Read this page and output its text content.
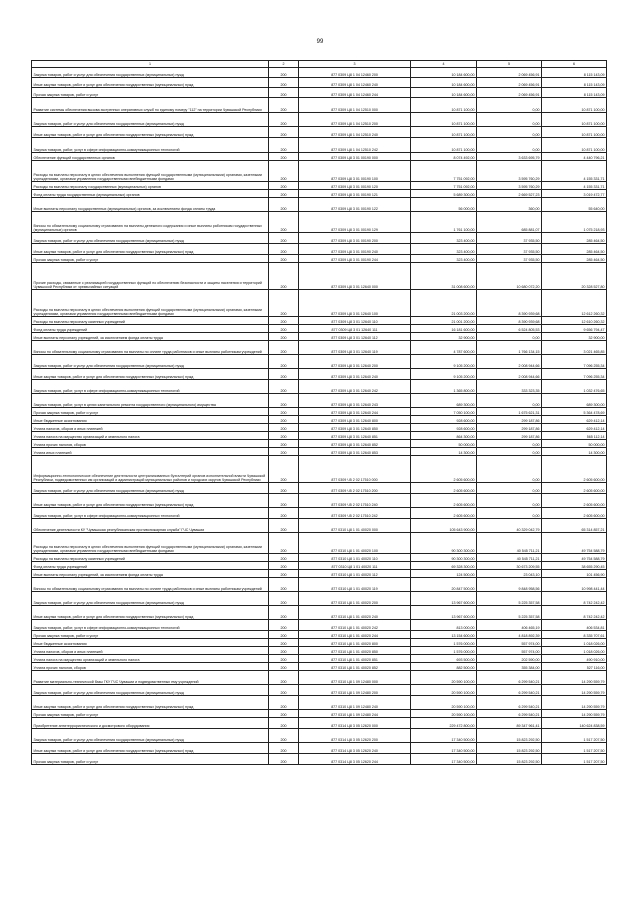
99
1	2	3	4	5	6
Закупка товаров, работ и услуг для обеспечения государственных (муниципальных) нужд	200	877 0309 Ц8 1 04 12460 200	10 184 600,00	2 069 456,91	8 115 143,09
Иные закупки товаров, работ и услуг для обеспечения государственных (муниципальных) нужд	200	877 0309 Ц8 1 04 12460 240	10 184 600,00	2 069 456,91	8 115 143,09
Прочая закупка товаров, работ и услуг	200	877 0309 Ц8 1 04 12460 244	10 184 600,00	2 069 456,91	8 115 143,09
Развитие системы обеспечения вызова экстренных оперативных служб по единому номеру "112" на территории Чувашской Республики	200	877 0309 Ц8 1 04 12510 000	10 871 100,00	0,00	10 871 100,00
Закупка товаров, работ и услуг для обеспечения государственных (муниципальных) нужд	200	877 0309 Ц8 1 04 12510 200	10 871 100,00	0,00	10 871 100,00
Иные закупки товаров, работ и услуг для обеспечения государственных (муниципальных) нужд	200	877 0309 Ц8 1 04 12510 240	10 871 100,00	0,00	10 871 100,00
Закупка товаров, работ, услуг в сфере информационно-коммуникационных технологий	200	877 0309 Ц8 1 04 12510 242	10 871 100,00	0,00	10 871 100,00
Обеспечение функций государственных органов	200	877 0309 Ц8 3 01 00190 000	8 074 492,00	3 633 695,79	4 440 796,21
Расходы на выплаты персоналу в целях обеспечения выполнения функций государственными (муниципальными) органами, казенными учреждениями, органами управления государственными внебюджетными фондами	200	877 0309 Ц8 3 01 00190 100	7 751 092,00	3 595 760,29	4 155 331,71
Расходы на выплаты персоналу государственных (муниципальных) органов	200	877 0309 Ц8 3 01 00190 120	7 751 092,00	3 595 760,29	4 155 331,71
Фонд оплаты труда государственных (муниципальных) органов	200	877 0309 Ц8 3 01 00190 121	5 689 300,00	2 669 527,23	3 019 472,77
Иные выплаты персоналу государственных (муниципальных) органов, за исключением фонда оплаты труда	200	877 0309 Ц8 3 01 00190 122	56 000,00	360,00	55 640,00
Взносы по обязательному социальному страхованию на выплаты денежного содержания и иные выплаты работникам государственных (муниципальных) органов	200	877 0309 Ц8 3 01 00190 129	1 761 100,00	685 881,07	1 075 218,93
Закупка товаров, работ и услуг для обеспечения государственных (муниципальных) нужд	200	877 0309 Ц8 3 01 00190 200	323 400,00	37 935,50	285 464,50
Иные закупки товаров, работ и услуг для обеспечения государственных (муниципальных) нужд	200	877 0309 Ц8 3 01 00190 240	323 400,00	37 935,50	285 464,50
Прочая закупка товаров, работ и услуг	200	877 0309 Ц8 3 01 00190 244	323 400,00	37 935,50	285 464,50
Прочие расходы, связанные с реализацией государственных функций по обеспечению безопасности и защиты населения и территорий Чувашской Республики от чрезвычайных ситуаций	200	877 0309 Ц8 3 01 12640 000	31 008 600,00	10 680 072,20	20 328 527,80
Расходы на выплаты персоналу в целях обеспечения выполнения функций государственными (муниципальными) органами, казенными учреждениями, органами управления государственными внебюджетными фондами	200	877 0309 Ц8 3 01 12640 100	21 003 200,00	8 390 939,68	12 612 260,32
Расходы на выплаты персоналу казенных учреждений	200	877 0309 Ц8 3 01 12640 110	21 001 200,00	8 390 939,68	12 610 260,32
Фонд оплаты труда учреждений	200	877 0309 Ц8 3 01 12640 111	16 181 600,00	6 524 805,53	9 656 794,47
Иные выплаты персоналу учреждений, за исключением фонда оплаты труда	200	877 0309 Ц8 3 01 12640 112	32 900,00	0,00	32 900,00
Взносы по обязательному социальному страхованию на выплаты по оплате труда работников и иные выплаты работникам учреждений	200	877 0309 Ц8 3 01 12640 119	4 787 600,00	1 766 134,15	3 021 465,85
Закупка товаров, работ и услуг для обеспечения государственных (муниципальных) нужд	200	877 0309 Ц8 3 01 12640 200	9 105 200,00	2 008 944,66	7 096 255,34
Иные закупки товаров, работ и услуг для обеспечения государственных (муниципальных) нужд	200	877 0309 Ц8 3 01 12640 240	9 105 200,00	2 008 944,66	7 096 255,34
Закупка товаров, работ, услуг в сфере информационно-коммуникационных технологий	200	877 0309 Ц8 3 01 12640 242	1 365 800,00	333 323,35	1 032 476,65
Закупка товаров, работ, услуг в целях капитального ремонта государственного (муниципального) имущества	200	877 0309 Ц8 3 01 12640 243	689 300,00	0,00	689 300,00
Прочая закупка товаров, работ и услуг	200	877 0309 Ц8 3 01 12640 244	7 050 100,00	1 675 621,31	5 364 478,69
Иные бюджетные ассигнования	200	877 0309 Ц8 3 01 12640 800	928 600,00	299 187,86	629 412,14
Уплата налогов, сборов и иных платежей	200	877 0309 Ц8 3 01 12640 850	928 600,00	299 187,86	629 412,14
Уплата налога на имущество организаций и земельного налога	200	877 0309 Ц8 3 01 12640 851	864 300,00	299 187,86	565 112,14
Уплата прочих налогов, сборов	200	877 0309 Ц8 3 01 12640 852	50 000,00	0,00	50 000,00
Уплата иных платежей	200	877 0309 Ц8 3 01 12640 853	14 300,00	0,00	14 300,00
Информационно-технологическое обеспечение деятельности централизованных бухгалтерий органов исполнительной власти Чувашской Республики, подведомственных им организаций и администраций муниципальных районов и городских округов Чувашской Республики	200	877 0309 Ч5 2 02 17510 000	2 605 600,00	0,00	2 605 600,00
Закупка товаров, работ и услуг для обеспечения государственных (муниципальных) нужд	200	877 0309 Ч5 2 02 17510 200	2 605 600,00	0,00	2 605 600,00
Иные закупки товаров, работ и услуг для обеспечения государственных (муниципальных) нужд	200	877 0309 Ч5 2 02 17510 240	2 605 600,00	0,00	2 605 600,00
Закупка товаров, работ, услуг в сфере информационно-коммуникационных технологий	200	877 0309 Ч5 2 02 17510 242	2 605 600,00	0,00	2 605 600,00
Обеспечение деятельности КУ "Чувашская республиканская противопожарная служба" ГЧС Чувашии	200	877 0310 Ц8 1 01 40020 000	105 643 900,00	40 329 042,79	65 314 857,21
Расходы на выплаты персоналу в целях обеспечения выполнения функций государственными (муниципальными) органами, казенными учреждениями, органами управления государственными внебюджетными фондами	200	877 0310 Ц8 1 01 40020 100	90 300 300,00	40 545 711,21	49 754 588,79
Расходы на выплаты персоналу казенных учреждений	200	877 0310 Ц8 1 01 40020 110	90 300 300,00	40 545 711,21	49 754 588,79
Фонд оплаты труда учреждений	200	877 0310 Ц8 1 01 40020 111	69 328 300,00	30 673 209,55	38 655 290,45
Иные выплаты персоналу учреждений, за исключением фонда оплаты труда	200	877 0310 Ц8 1 01 40020 112	124 500,00	23 043,10	101 456,90
Взносы по обязательному социальному страхованию на выплаты по оплате труда работников и иные выплаты работникам учреждений	200	877 0310 Ц8 1 01 40020 119	20 847 500,00	9 848 958,56	10 998 441,44
Закупка товаров, работ и услуг для обеспечения государственных (муниципальных) нужд	200	877 0310 Ц8 1 01 40020 200	13 967 600,00	5 225 357,58	8 742 242,42
Иные закупки товаров, работ и услуг для обеспечения государственных (муниципальных) нужд	200	877 0310 Ц8 1 01 40020 240	13 967 600,00	5 225 357,58	8 742 242,42
Закупка товаров, работ, услуг в сфере информационно-коммуникационных технологий	200	877 0310 Ц8 1 01 40020 242	813 000,00	406 465,19	406 534,81
Прочая закупка товаров, работ и услуг	200	877 0310 Ц8 1 01 40020 244	13 154 600,00	4 818 892,39	8 335 707,61
Иные бюджетные ассигнования	200	877 0310 Ц8 1 01 40020 800	1 576 000,00	557 974,00	1 018 026,00
Уплата налогов, сборов и иных платежей	200	877 0310 Ц8 1 01 40020 850	1 576 000,00	557 974,00	1 018 026,00
Уплата налога на имущество организаций и земельного налога	200	877 0310 Ц8 1 01 40020 851	693 500,00	202 590,00	490 910,00
Уплата прочих налогов, сборов	200	877 0310 Ц8 1 01 40020 852	882 500,00	355 384,00	527 116,00
Развитие материально-технической базы ГКУ ГЧС Чувашии и подведомственных ему учреждений	200	877 0310 Ц8 1 09 12480 000	20 590 100,00	6 299 540,21	14 290 559,79
Закупка товаров, работ и услуг для обеспечения государственных (муниципальных) нужд	200	877 0310 Ц8 1 09 12480 200	20 590 100,00	6 299 540,21	14 290 559,79
Иные закупки товаров, работ и услуг для обеспечения государственных (муниципальных) нужд	200	877 0310 Ц8 1 09 12480 240	20 590 100,00	6 299 540,21	14 290 559,79
Прочая закупка товаров, работ и услуг	200	877 0310 Ц8 1 09 12480 244	20 590 100,00	6 299 540,21	14 290 559,79
Приобретение антитеррористического и досмотрового оборудования	200	877 0314 Ц8 3 05 12620 000	229 472 800,00	89 347 961,41	140 624 838,59
Закупка товаров, работ и услуг для обеспечения государственных (муниципальных) нужд	200	877 0314 Ц8 3 05 12620 200	17 340 500,00	15 823 292,50	1 517 207,50
Иные закупки товаров, работ и услуг для обеспечения государственных (муниципальных) нужд	200	877 0314 Ц8 3 05 12620 240	17 340 500,00	15 823 292,50	1 517 207,50
Прочая закупка товаров, работ и услуг	200	877 0314 Ц8 3 05 12620 244	17 340 500,00	15 823 292,50	1 517 207,50
